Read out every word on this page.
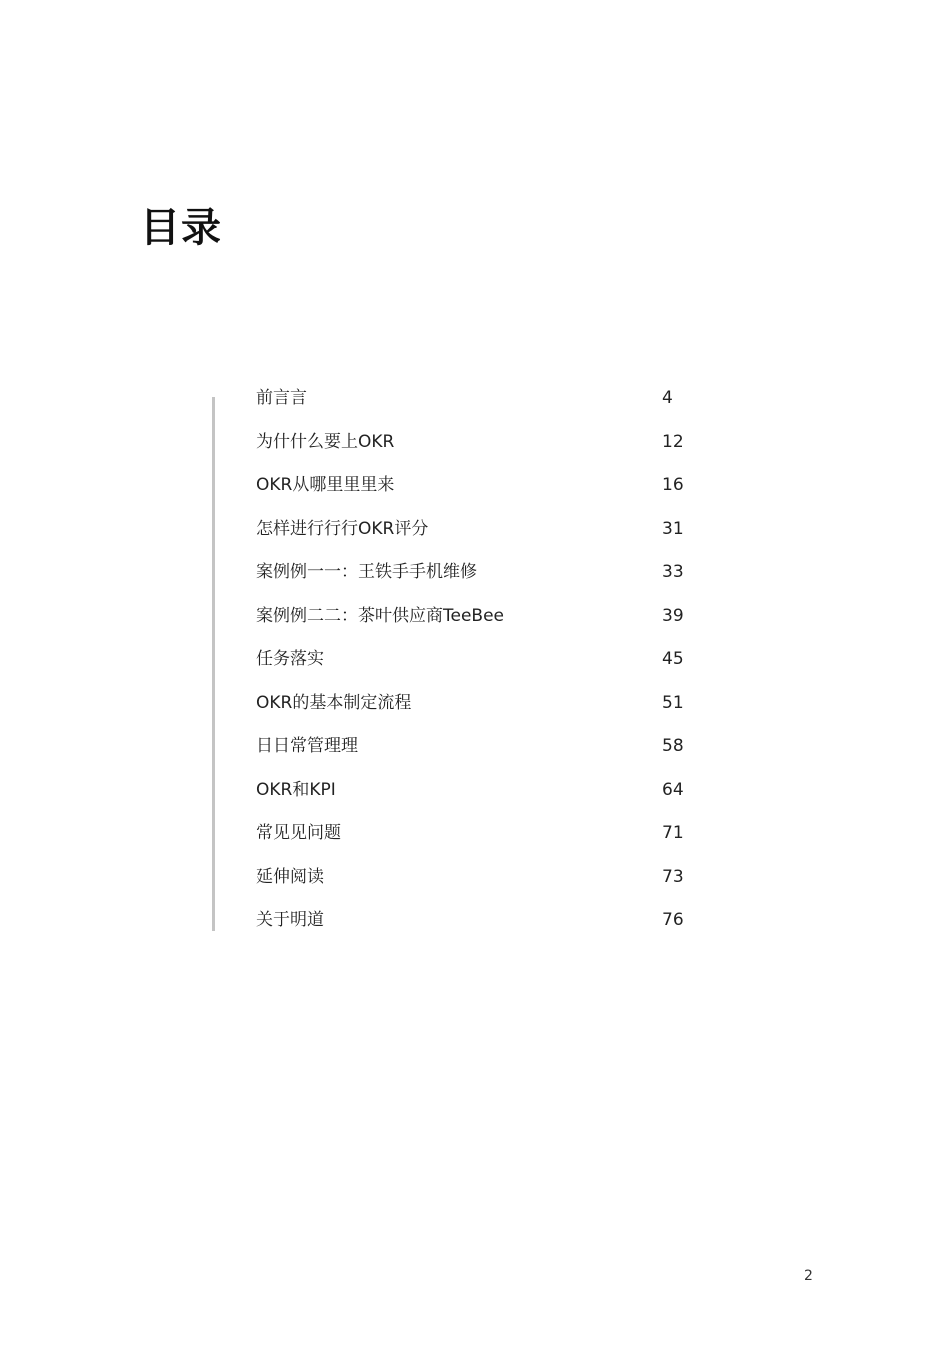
目录
前言言	4
为什什么要上OKR	12
OKR从哪里里里来	16
怎样进行行行OKR评分	31
案例例一一：王铁手手机维修	33
案例例二二：茶叶供应商TeeBee	39
任务落实	45
OKR的基本制定流程	51
日日常管理理	58
OKR和KPI	64
常见见问题	71
延伸阅读	73
关于明道	76
2
